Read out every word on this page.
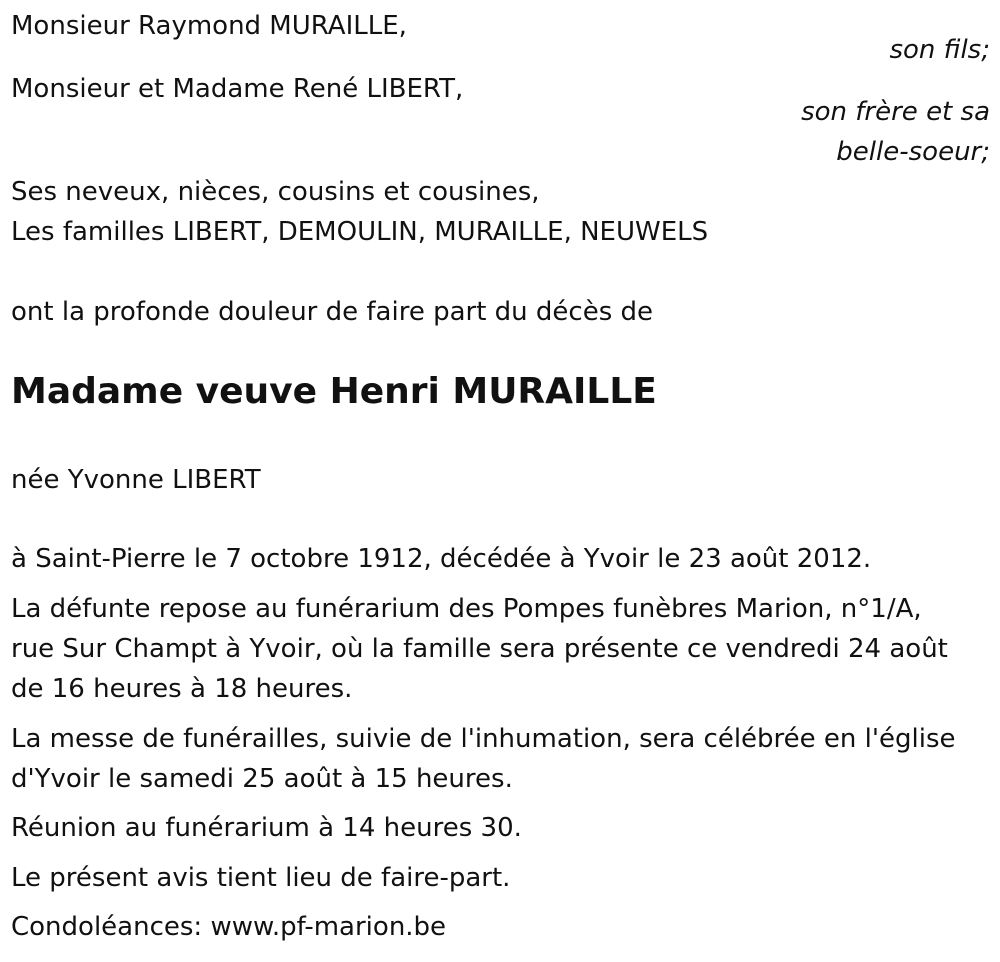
Monsieur Raymond MURAILLE,
son fils;
Monsieur et Madame René LIBERT,
son frère et sa
belle-soeur;
Ses neveux, nièces, cousins et cousines,
Les familles LIBERT, DEMOULIN, MURAILLE, NEUWELS
ont la profonde douleur de faire part du décès de
Madame veuve Henri MURAILLE
née Yvonne LIBERT
à Saint-Pierre le 7 octobre 1912, décédée à Yvoir le 23 août 2012.
La défunte repose au funérarium des Pompes funèbres Marion, n°1/A,
rue Sur Champt à Yvoir, où la famille sera présente ce vendredi 24 août
de 16 heures à 18 heures.
La messe de funérailles, suivie de l'inhumation, sera célébrée en l'église
d'Yvoir le samedi 25 août à 15 heures.
Réunion au funérarium à 14 heures 30.
Le présent avis tient lieu de faire-part.
Condoléances: www.pf-marion.be
